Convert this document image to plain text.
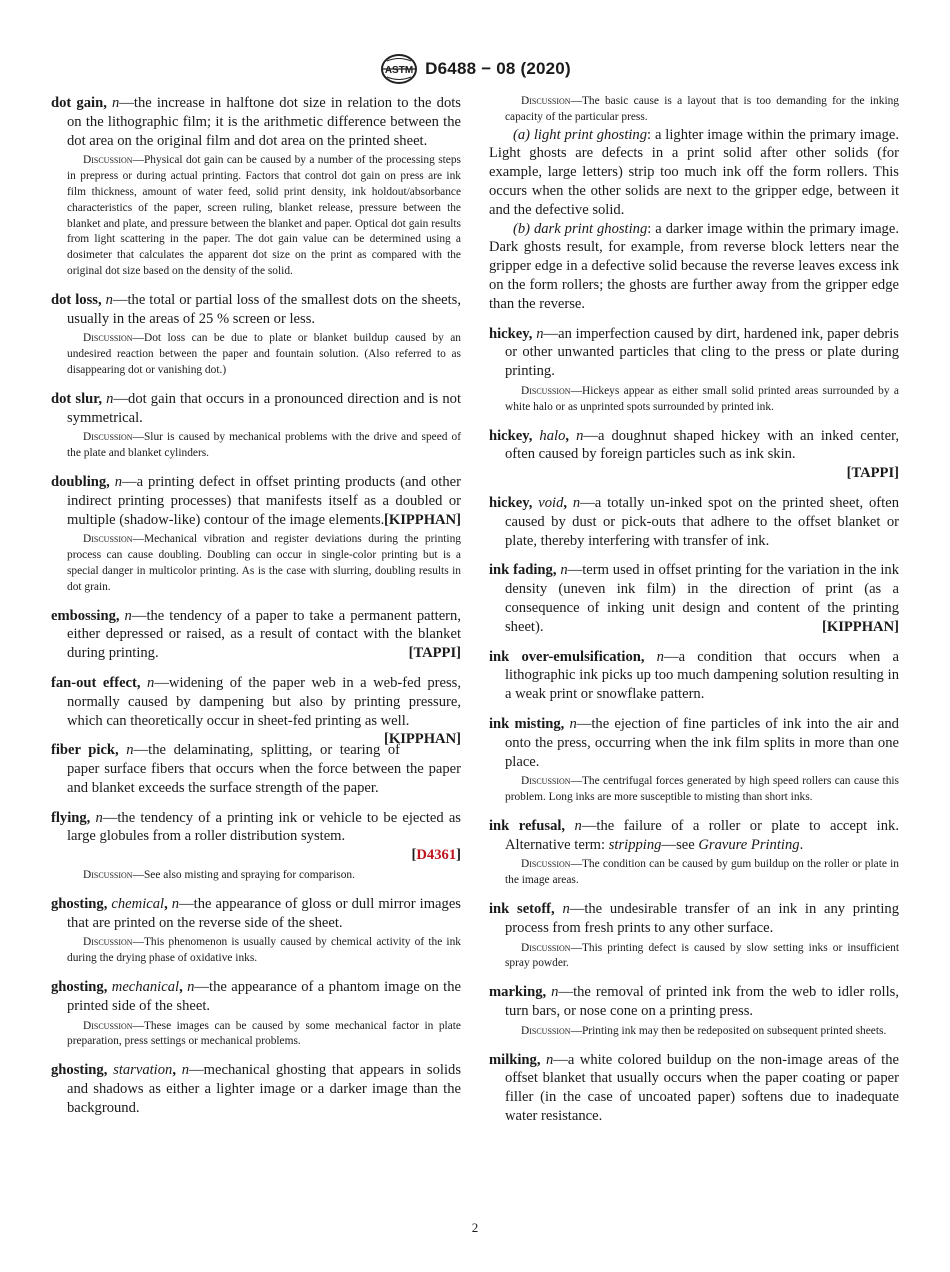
ASTM D6488 − 08 (2020)

dot gain, n—the increase in halftone dot size in relation to the dots on the lithographic film; it is the arithmetic difference between the dot area on the original film and dot area on the printed sheet.

Discussion—Physical dot gain can be caused by a number of the processing steps in prepress or during actual printing. Factors that control dot gain on press are ink film thickness, amount of water feed, solid print density, ink holdout/absorbance characteristics of the paper, screen ruling, blanket release, pressure between the blanket and plate, and pressure between the blanket and paper. Optical dot gain results from light scattering in the paper. The dot gain value can be determined using a dosimeter that calculates the apparent dot size on the print as compared with the original dot size based on the density of the solid.

dot loss, n—the total or partial loss of the smallest dots on the sheets, usually in the areas of 25 % screen or less.

Discussion—Dot loss can be due to plate or blanket buildup caused by an undesired reaction between the paper and fountain solution. (Also referred to as disappearing dot or vanishing dot.)

dot slur, n—dot gain that occurs in a pronounced direction and is not symmetrical.

Discussion—Slur is caused by mechanical problems with the drive and speed of the plate and blanket cylinders.

doubling, n—a printing defect in offset printing products (and other indirect printing processes) that manifests itself as a doubled or multiple (shadow-like) contour of the image elements. [KIPPHAN]

Discussion—Mechanical vibration and register deviations during the printing process can cause doubling. Doubling can occur in single-color printing but is a special danger in multicolor printing. As is the case with slurring, doubling results in dot grain.

embossing, n—the tendency of a paper to take a permanent pattern, either depressed or raised, as a result of contact with the blanket during printing.	[TAPPI]

fan-out effect, n—widening of the paper web in a web-fed press, normally caused by dampening but also by printing pressure, which can theoretically occur in sheet-fed printing as well.
[KIPPHAN]

fiber pick, n—the delaminating, splitting, or tearing of paper surface fibers that occurs when the force between the paper and blanket exceeds the surface strength of the paper.

flying, n—the tendency of a printing ink or vehicle to be ejected as large globules from a roller distribution system.
[D4361]

Discussion—See also misting and spraying for comparison.

ghosting, chemical, n—the appearance of gloss or dull mirror images that are printed on the reverse side of the sheet.

Discussion—This phenomenon is usually caused by chemical activity of the ink during the drying phase of oxidative inks.

ghosting, mechanical, n—the appearance of a phantom image on the printed side of the sheet.

Discussion—These images can be caused by some mechanical factor in plate preparation, press settings or mechanical problems.

ghosting, starvation, n—mechanical ghosting that appears in solids and shadows as either a lighter image or a darker image than the background.

Discussion—The basic cause is a layout that is too demanding for the inking capacity of the particular press.

(a) light print ghosting: a lighter image within the primary image. Light ghosts are defects in a print solid after other solids (for example, large letters) strip too much ink off the form rollers. This occurs when the other solids are next to the gripper edge, between it and the defective solid.

(b) dark print ghosting: a darker image within the primary image. Dark ghosts result, for example, from reverse block letters near the gripper edge in a defective solid because the reverse leaves excess ink on the form rollers; the ghosts are further away from the gripper edge than the reverse.

hickey, n—an imperfection caused by dirt, hardened ink, paper debris or other unwanted particles that cling to the press or plate during printing.

Discussion—Hickeys appear as either small solid printed areas surrounded by a white halo or as unprinted spots surrounded by printed ink.

hickey, halo, n—a doughnut shaped hickey with an inked center, often caused by foreign particles such as ink skin.
[TAPPI]

hickey, void, n—a totally un-inked spot on the printed sheet, often caused by dust or pick-outs that adhere to the offset blanket or plate, thereby interfering with transfer of ink.

ink fading, n—term used in offset printing for the variation in the ink density (uneven ink film) in the direction of print (as a consequence of inking unit design and content of the printing sheet).	[KIPPHAN]

ink over-emulsification, n—a condition that occurs when a lithographic ink picks up too much dampening solution resulting in a weak print or snowflake pattern.

ink misting, n—the ejection of fine particles of ink into the air and onto the press, occurring when the ink film splits in more than one place.

Discussion—The centrifugal forces generated by high speed rollers can cause this problem. Long inks are more susceptible to misting than short inks.

ink refusal, n—the failure of a roller or plate to accept ink. Alternative term: stripping—see Gravure Printing.

Discussion—The condition can be caused by gum buildup on the roller or plate in the image areas.

ink setoff, n—the undesirable transfer of an ink in any printing process from fresh prints to any other surface.

Discussion—This printing defect is caused by slow setting inks or insufficient spray powder.

marking, n—the removal of printed ink from the web to idler rolls, turn bars, or nose cone on a printing press.

Discussion—Printing ink may then be redeposited on subsequent printed sheets.

milking, n—a white colored buildup on the non-image areas of the offset blanket that usually occurs when the paper coating or paper filler (in the case of uncoated paper) softens due to inadequate water resistance.

2
